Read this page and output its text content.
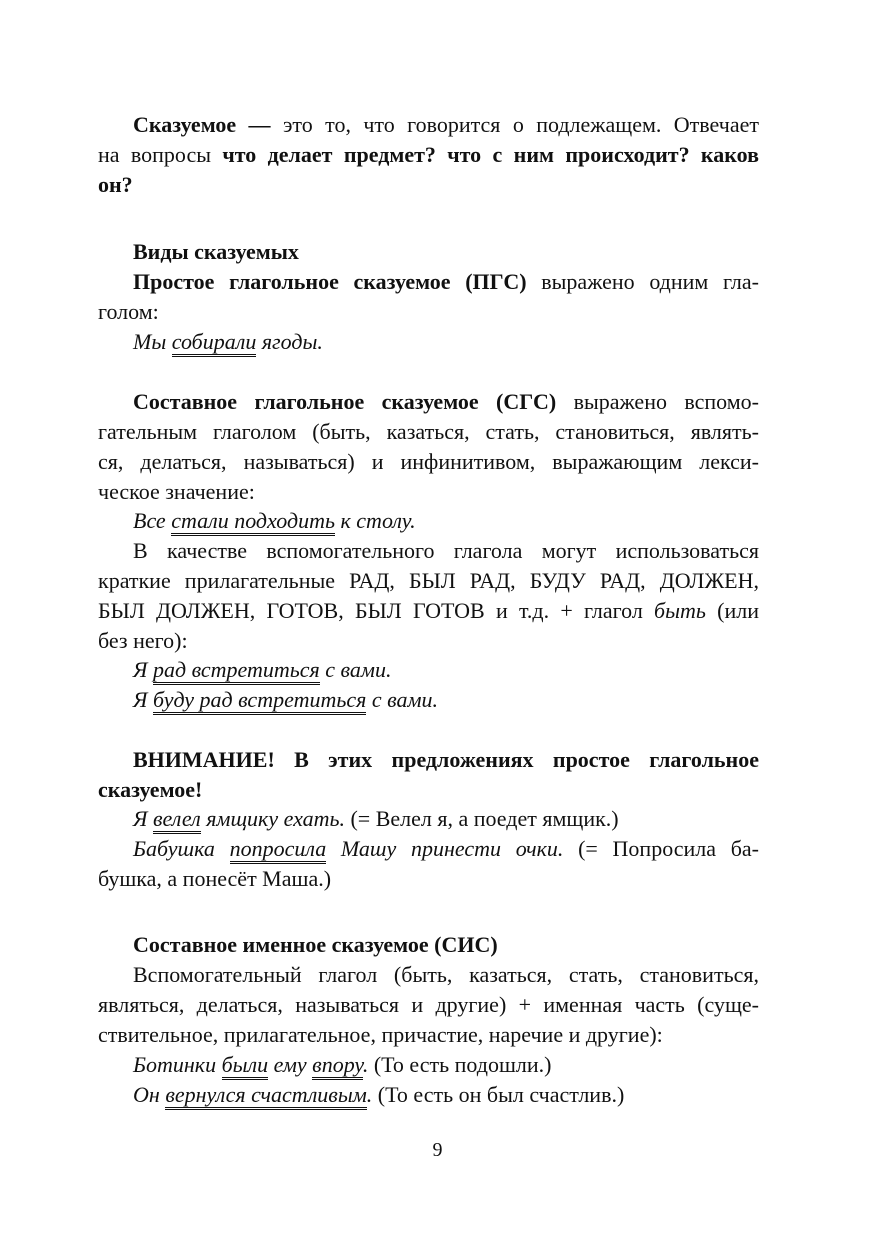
Сказуемое — это то, что говорится о подлежащем. Отвечает
на вопросы что делает предмет? что с ним происходит? каков
он?
Виды сказуемых
Простое глагольное сказуемое (ПГС) выражено одним гла-
голом:
Мы собирали ягоды.
Составное глагольное сказуемое (СГС) выражено вспомо-
гательным глаголом (быть, казаться, стать, становиться, являть-
ся, делаться, называться) и инфинитивом, выражающим лекси-
ческое значение:
Все стали подходить к столу.
В качестве вспомогательного глагола могут использоваться
краткие прилагательные РАД, БЫЛ РАД, БУДУ РАД, ДОЛЖЕН,
БЫЛ ДОЛЖЕН, ГОТОВ, БЫЛ ГОТОВ и т.д. + глагол быть (или
без него):
Я рад встретиться с вами.
Я буду рад встретиться с вами.
ВНИМАНИЕ! В этих предложениях простое глагольное
сказуемое!
Я велел ямщику ехать. (= Велел я, а поедет ямщик.)
Бабушка попросила Машу принести очки. (= Попросила ба-
бушка, а понесёт Маша.)
Составное именное сказуемое (СИС)
Вспомогательный глагол (быть, казаться, стать, становиться,
являться, делаться, называться и другие) + именная часть (суще-
ствительное, прилагательное, причастие, наречие и другие):
Ботинки были ему впору. (То есть подошли.)
Он вернулся счастливым. (То есть он был счастлив.)
9
